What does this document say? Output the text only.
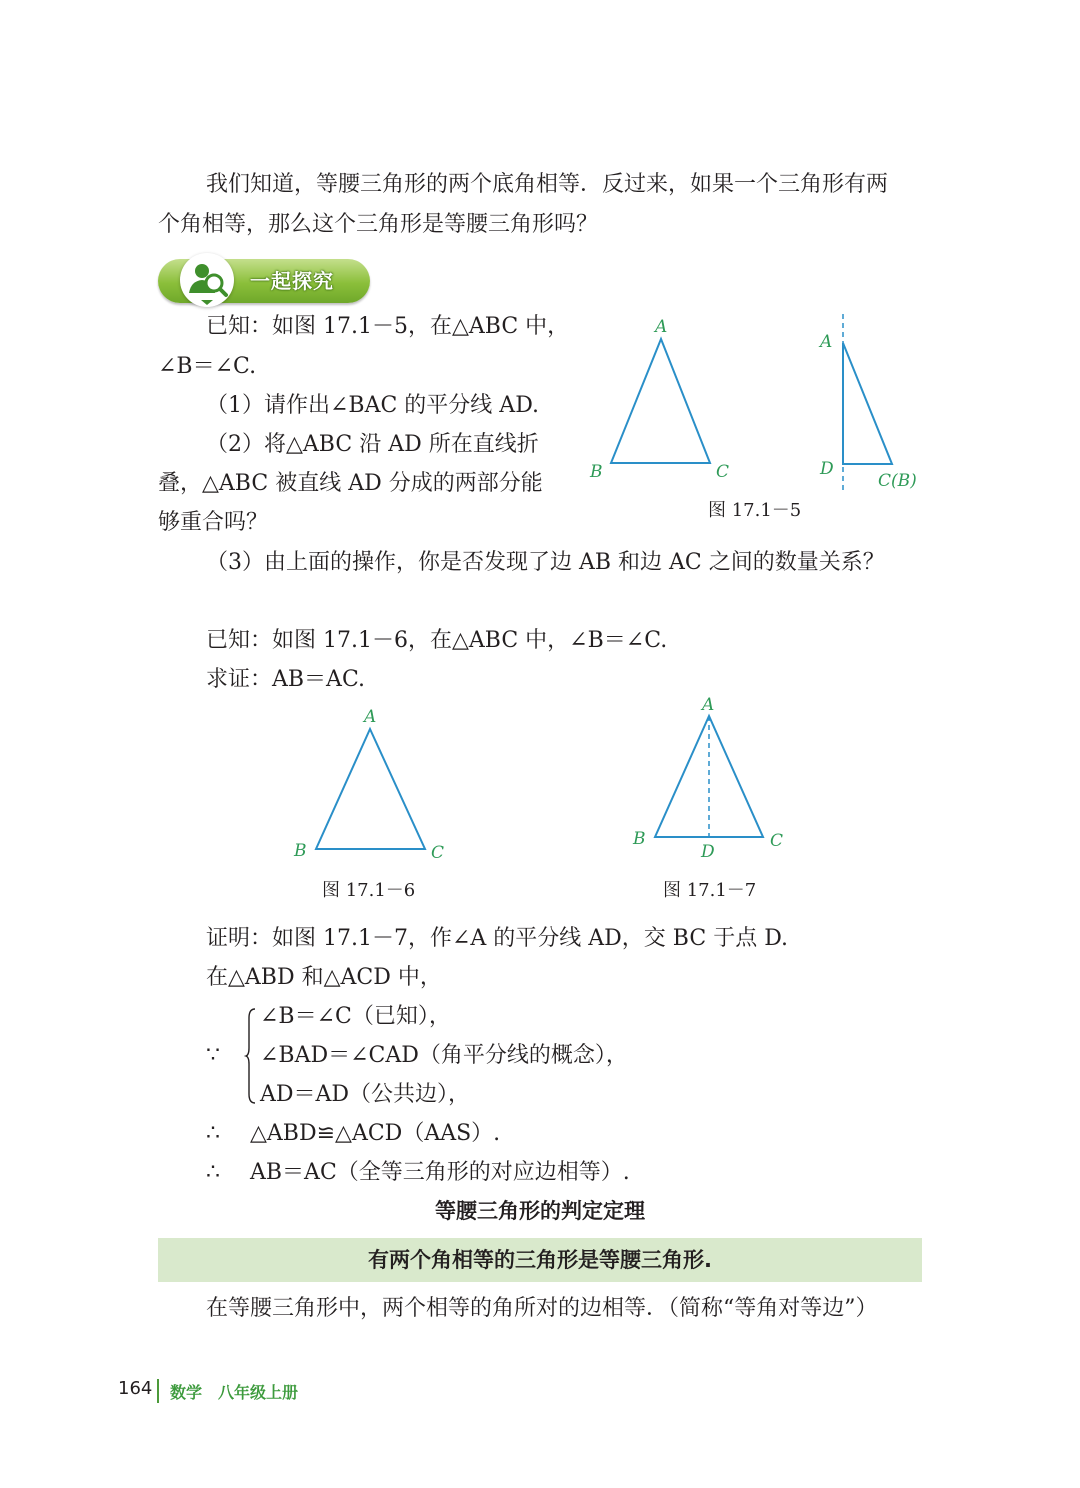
我们知道，等腰三角形的两个底角相等．反过来，如果一个三角形有两
个角相等，那么这个三角形是等腰三角形吗？
一起探究
已知：如图 17.1－5，在△ABC 中，
∠B＝∠C.
（1）请作出∠BAC 的平分线 AD.
（2）将△ABC 沿 AD 所在直线折
叠，△ABC 被直线 AD 分成的两部分能
够重合吗？
（3）由上面的操作，你是否发现了边 AB 和边 AC 之间的数量关系？
A
B	C
A
D
C(B)
图 17.1－5
已知：如图 17.1－6，在△ABC 中，∠B＝∠C.
求证：AB＝AC.
A
B	C
图 17.1－6
A
B	C
D
图 17.1－7
证明：如图 17.1－7，作∠A 的平分线 AD，交 BC 于点 D.
在△ABD 和△ACD 中，
∵
∠B＝∠C（已知），
∠BAD＝∠CAD（角平分线的概念），
AD＝AD（公共边），
∴ △ABD≌△ACD（AAS）.
∴ AB＝AC（全等三角形的对应边相等）.
等腰三角形的判定定理
有两个角相等的三角形是等腰三角形.
在等腰三角形中，两个相等的角所对的边相等．（简称“等角对等边”）
164 数学　八年级上册
